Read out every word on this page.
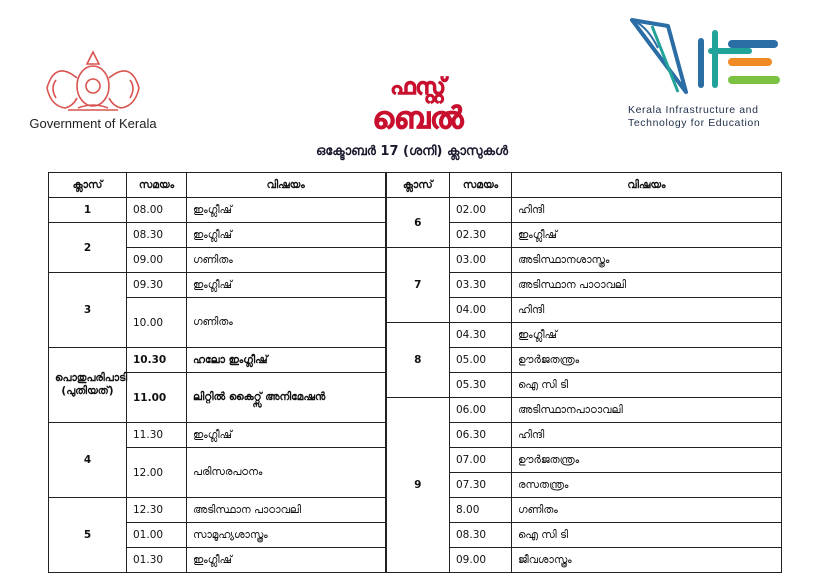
Government of Kerala
ഫസ്റ്റ്
ബെൽ	Kerala Infrastructure and
Technology for Education
ഒക്ടോബർ 17 (ശനി) ക്ലാസുകൾ
ക്ലാസ്	സമയം	വിഷയം	ക്ലാസ്	സമയം	വിഷയം
1	08.00	ഇംഗ്ലീഷ്	6	02.00	ഹിന്ദി
2	08.30	ഇംഗ്ലീഷ്		02.30	ഇംഗ്ലീഷ്
	09.00	ഗണിതം	7	03.00	അടിസ്ഥാനശാസ്ത്രം
3	09.30	ഇംഗ്ലീഷ്		03.30	അടിസ്ഥാന പാഠാവലി
	10.00	ഗണിതം		04.00	ഹിന്ദി
			8	04.30	ഇംഗ്ലീഷ്
പൊതുപരിപാടി (പുതിയത്)	10.30	ഹലോ ഇംഗ്ലീഷ്		05.00	ഊർജതന്ത്രം
	11.00	ലിറ്റിൽ കൈറ്റ്സ് അനിമേഷൻ		05.30	ഐ സി ടി
			9	06.00	അടിസ്ഥാനപാഠാവലി
4	11.30	ഇംഗ്ലീഷ്		06.30	ഹിന്ദി
	12.00	പരിസരപഠനം		07.00	ഊർജതന്ത്രം
				07.30	രസതന്ത്രം
5	12.30	അടിസ്ഥാന പാഠാവലി		8.00	ഗണിതം
	01.00	സാമൂഹ്യശാസ്ത്രം		08.30	ഐ സി ടി
	01.30	ഇംഗ്ലീഷ്		09.00	ജീവശാസ്ത്രം
